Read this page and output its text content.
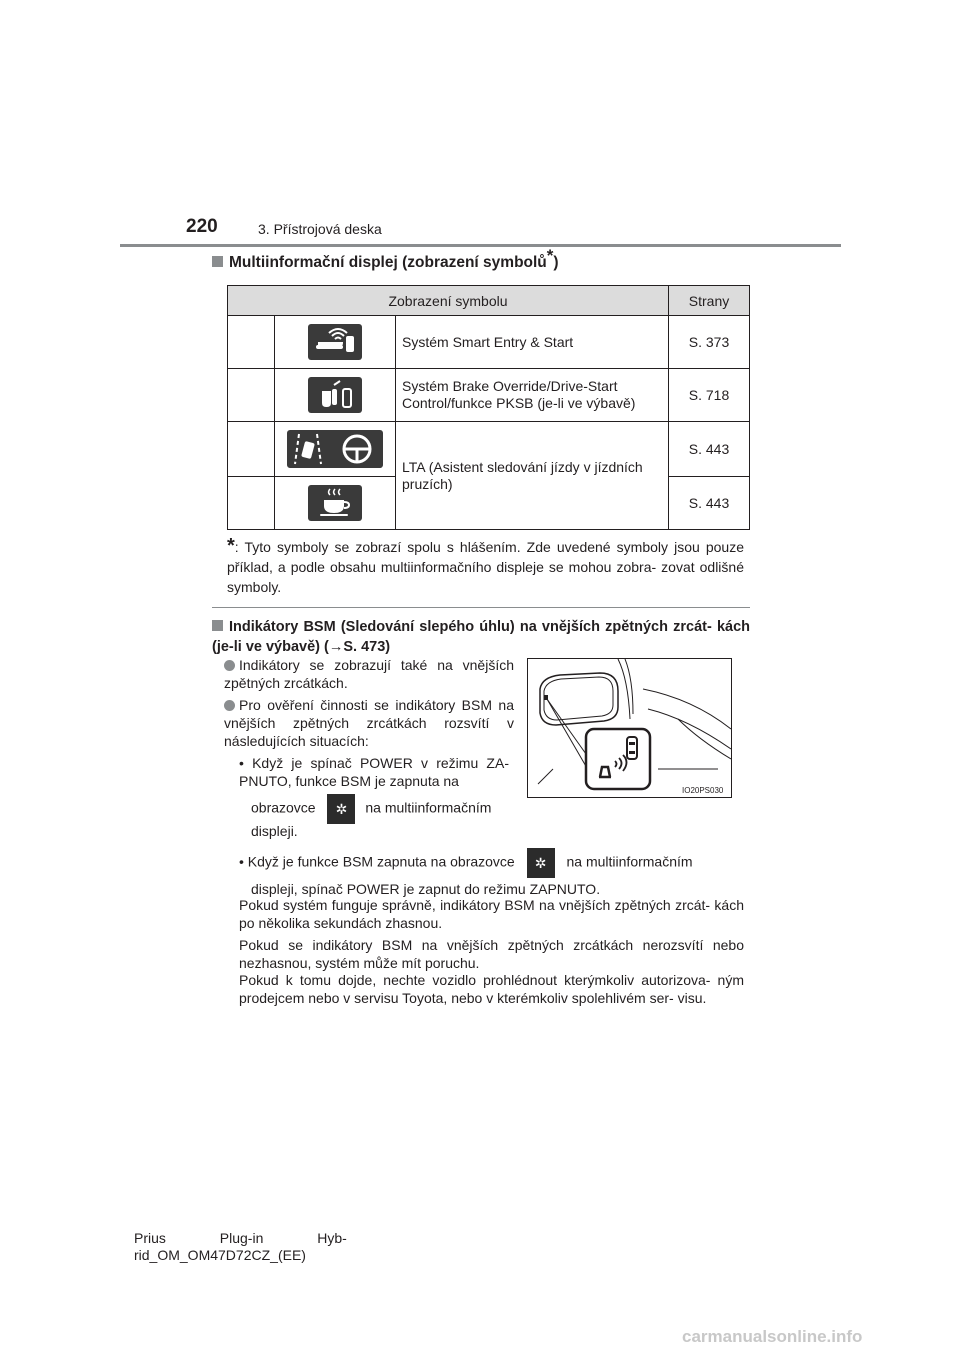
220	3. Přístrojová deska
Multiinformační displej (zobrazení symbolů*)
Zobrazení symbolu			Strany
		Systém Smart Entry & Start	S. 373
		Systém Brake Override/Drive-Start Control/funkce PKSB (je-li ve výbavě)	S. 718
		LTA (Asistent sledování jízdy v jízdních pruzích)	S. 443
		S. 443
*: Tyto symboly se zobrazí spolu s hlášením. Zde uvedené symboly jsou pouze příklad, a podle obsahu multiinformačního displeje se mohou zobra- zovat odlišné symboly.
Indikátory BSM (Sledování slepého úhlu) na vnějších zpětných zrcát- kách (je-li ve výbavě) (→S. 473)
Indikátory se zobrazují také na vnějších zpětných zrcátkách.
Pro ověření činnosti se indikátory BSM na vnějších zpětných zrcátkách rozsvítí v následujících situacích:
• Když je spínač POWER v režimu ZA- PNUTO, funkce BSM je zapnuta na
obrazovce ✲ na multiinformačním
displeji.
• Když je funkce BSM zapnuta na obrazovce ✲ na multiinformačním
displeji, spínač POWER je zapnut do režimu ZAPNUTO.
Pokud systém funguje správně, indikátory BSM na vnějších zpětných zrcát- kách po několika sekundách zhasnou.
Pokud se indikátory BSM na vnějších zpětných zrcátkách nerozsvítí nebo nezhasnou, systém může mít poruchu.
Pokud k tomu dojde, nechte vozidlo prohlédnout kterýmkoliv autorizova- ným prodejcem nebo v servisu Toyota, nebo v kterémkoliv spolehlivém ser- visu.
IO20PS030
Prius Plug-in Hyb-
rid_OM_OM47D72CZ_(EE)
carmanualsonline.info
